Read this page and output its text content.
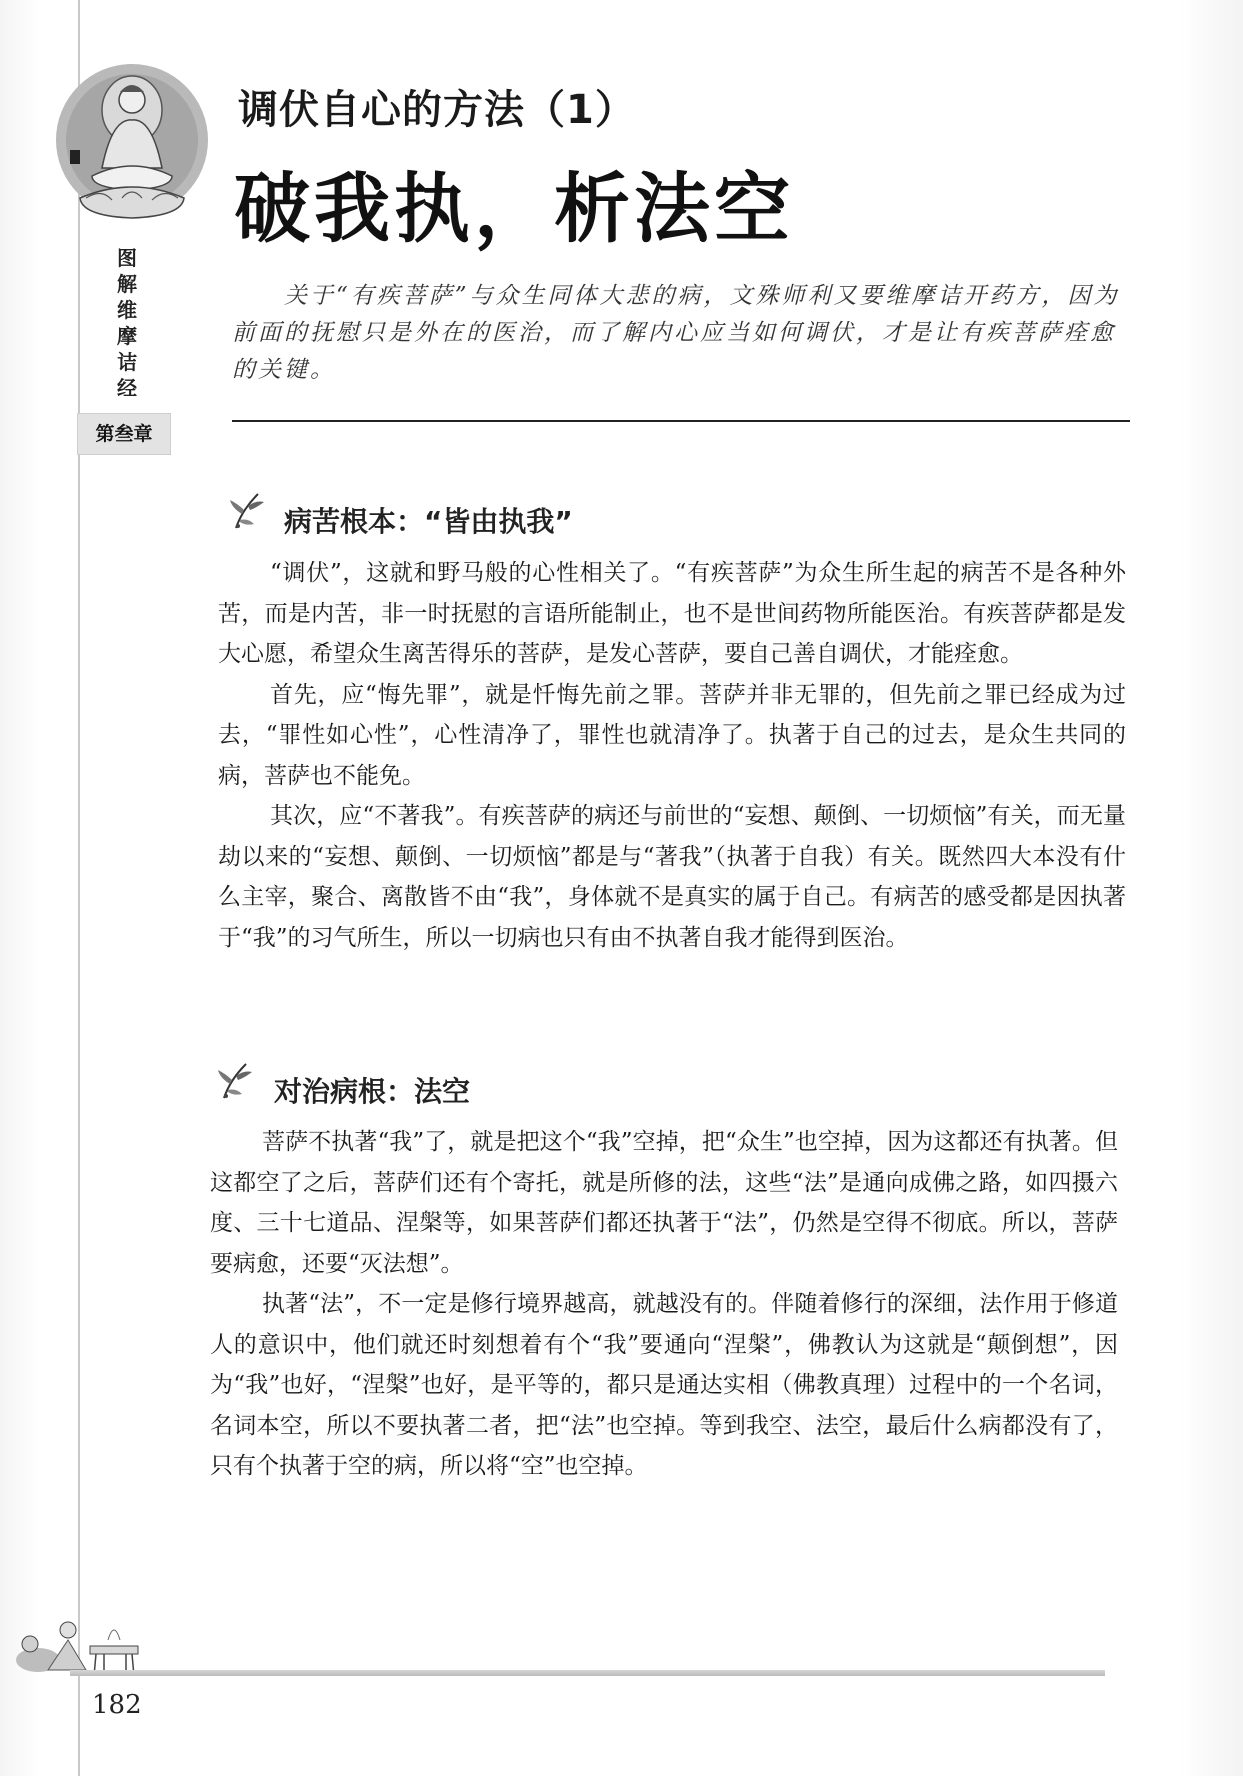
图
解
维
摩
诘
经
第叁章
调伏自心的方法（1）
破我执，析法空
关于“有疾菩萨”与众生同体大悲的病，文殊师利又要维摩诘开药方，因为前面的抚慰只是外在的医治，而了解内心应当如何调伏，才是让有疾菩萨痊愈的关键。
病苦根本：“皆由执我”

“调伏”，这就和野马般的心性相关了。“有疾菩萨”为众生所生起的病苦不是各种外苦，而是内苦，非一时抚慰的言语所能制止，也不是世间药物所能医治。有疾菩萨都是发大心愿，希望众生离苦得乐的菩萨，是发心菩萨，要自己善自调伏，才能痊愈。

首先，应“悔先罪”，就是忏悔先前之罪。菩萨并非无罪的，但先前之罪已经成为过去，“罪性如心性”，心性清净了，罪性也就清净了。执著于自己的过去，是众生共同的病，菩萨也不能免。

其次，应“不著我”。有疾菩萨的病还与前世的“妄想、颠倒、一切烦恼”有关，而无量劫以来的“妄想、颠倒、一切烦恼”都是与“著我”（执著于自我）有关。既然四大本没有什么主宰，聚合、离散皆不由“我”，身体就不是真实的属于自己。有病苦的感受都是因执著于“我”的习气所生，所以一切病也只有由不执著自我才能得到医治。

对治病根：法空

菩萨不执著“我”了，就是把这个“我”空掉，把“众生”也空掉，因为这都还有执著。但这都空了之后，菩萨们还有个寄托，就是所修的法，这些“法”是通向成佛之路，如四摄六度、三十七道品、涅槃等，如果菩萨们都还执著于“法”，仍然是空得不彻底。所以，菩萨要病愈，还要“灭法想”。

执著“法”，不一定是修行境界越高，就越没有的。伴随着修行的深细，法作用于修道人的意识中，他们就还时刻想着有个“我”要通向“涅槃”，佛教认为这就是“颠倒想”，因为“我”也好，“涅槃”也好，是平等的，都只是通达实相（佛教真理）过程中的一个名词，名词本空，所以不要执著二者，把“法”也空掉。等到我空、法空，最后什么病都没有了，只有个执著于空的病，所以将“空”也空掉。

182
